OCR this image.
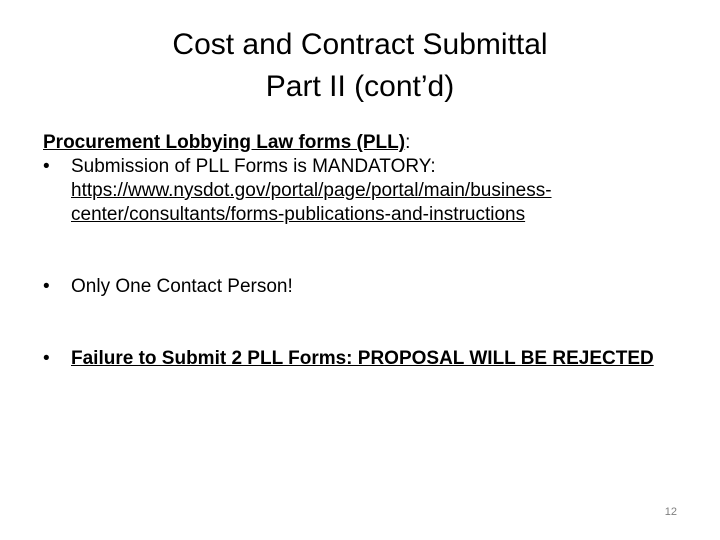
Cost and Contract Submittal
Part II (cont’d)

Procurement Lobbying Law forms (PLL):

•	Submission of PLL Forms is MANDATORY:
https://www.nysdot.gov/portal/page/portal/main/business-center/consultants/forms-publications-and-instructions
•	Only One Contact Person!
•	Failure to Submit 2 PLL Forms: PROPOSAL WILL BE REJECTED
12
